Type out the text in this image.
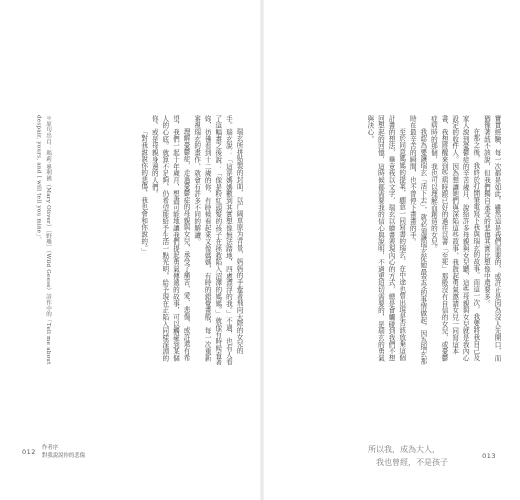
瑞玄所拼贴製的封面，以广阔草原为背景，妈妈的手牽著飛向天際的女兒的手。瑞玄說：「這是媽媽數到其實想像無法踏地，四處漂浮的我。」不過，也有人看了這幅畫之後說：「像是粉紅頭髮的孩子在拯救陷入沼澤的媽媽。」就像有時候看著妳，彷彿看到十二歲的你，有時候看起來又像媽媽，有時的錯覺畫般，每一次重新審視瑞玄的畫作，就會有許多不同的解讀。

理解憂鬱症，走過憂鬱症的母親與女兒，承受了痛苦、愛、悲傷、或許還有希望，我們一起十年歲月，想盡可能地讓我們提起勇氣傳遞的故事，可以觸碰到某個人的心底。就算不足夠，仍希望能給予生活一點光明，給予現在正陷入同樣深淵的你。或是母親身邊的人們。

「對我說說你的悲傷，我也會和你說的。」

＊原句出自：瑪莉·奧利佛（Mary Oliver）〔野雁〕（Wild Geese）詩作中的「Tell me about despair, yours, and I will tell you mine」。

012 作者序
對我說說你的悲傷

寶貴經驗，每一次都是如此。雖然這是我們需要的，或許正是因為沒人先開口，而猶豫著該不該說，但我們獨自承受的悲傷其實比想像中還要多。

在那之後，我終於打開筆電寫下我與瑞玄的故事。而這一次，我要將我自己及家人說到憂鬱症的辛苦歲月，說給許多母親與女兒聽，這些母親與女兒就是我內心設定的收件人。因為想讓她們與深陷這些故事，我鼓起勇氣邀請女兒一同寫這本書，我想將醒來到些病時跟已好的過往以書「至死」那般沒有自信的女兒，或憂鬱症病時的那個，我也可以理解而創造的女兒。

我認為要讓瑞玄「活下去」，就必須讓瑞玄從她最享受的事情做起，因為瑞玄那時在最辛苦的瞬間，也不曾停下畫畫的手。

至於同意媽媽的提案，願意一同寫書的瑞玄，在中途也曾出現是否該放棄這個計畫的想法，畢竟我以文字，瑞玄以繪畫表現內心的方式，總是會觸碰到我們不想回想起的回憶，這時候都需要我的信心與說明，不過更迫切需要的，是瑞玄的勇氣與決心。

所以我，成為大人，
我也曾經，不是孩子
013
